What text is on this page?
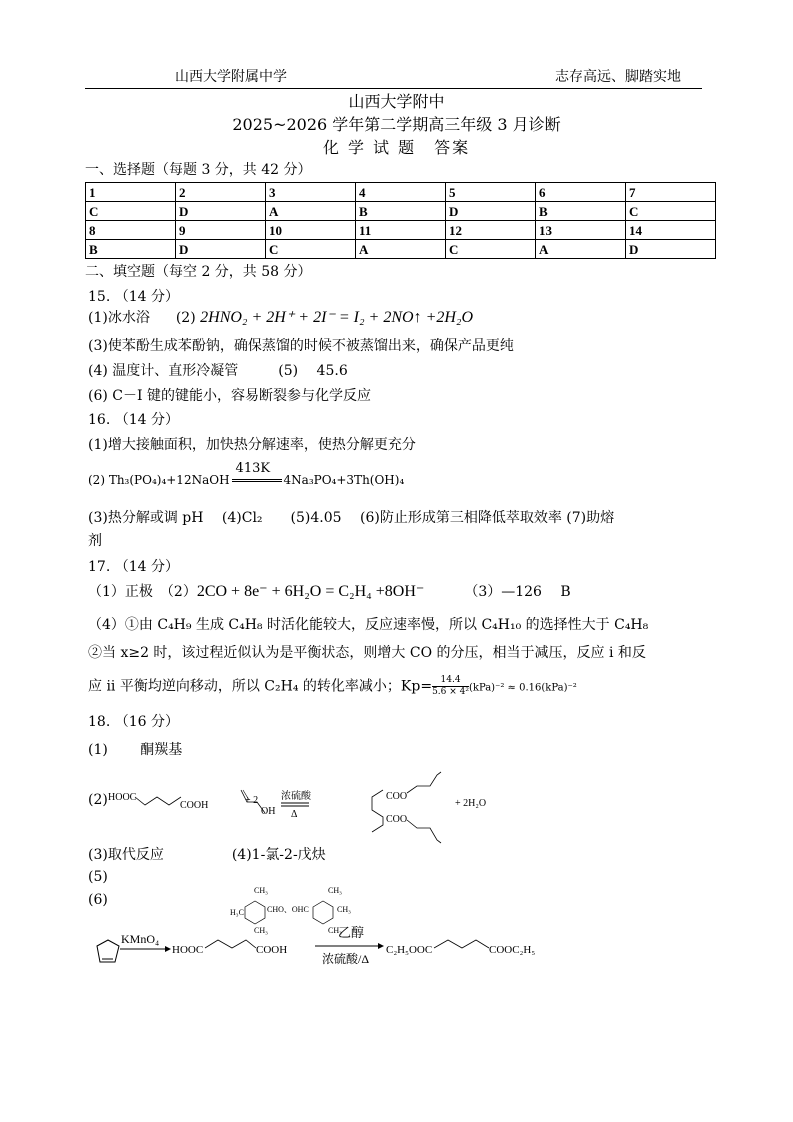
山西大学附属中学	志存高远、脚踏实地
山西大学附中
2025~2026 学年第二学期高三年级 3 月诊断
化 学 试 题　答案
一、选择题（每题 3 分，共 42 分）
1	2	3	4	5	6	7
C	D	A	B	D	B	C
8	9	10	11	12	13	14
B	D	C	A	C	A	D
二、填空题（每空 2 分，共 58 分）
15. （14 分）
(1)冰水浴 (2) 2HNO₂ + 2H⁺ + 2I⁻ = I₂ + 2NO↑ +2H₂O
(3)使苯酚生成苯酚钠，确保蒸馏的时候不被蒸馏出来，确保产品更纯
(4) 温度计、直形冷凝管	(5)　 45.6
(6) C－I 键的键能小，容易断裂参与化学反应
16. （14 分）
(1)增大接触面积，加快热分解速率，使热分解更充分
(2) Th₃(PO₄)₄+12NaOH
413K
4Na₃PO₄+3Th(OH)₄
(3)热分解或调 pH　 (4)Cl₂　　(5)4.05　 (6)防止形成第三相降低萃取效率 (7)助熔
剂
17. （14 分）
（1）正极　（2）2CO + 8e⁻ + 6H₂O = C₂H₄ +8OH⁻	（3）—126　 B
（4）①由 C₄H₉ 生成 C₄H₈ 时活化能较大，反应速率慢，所以 C₄H₁₀ 的选择性大于 C₄H₈
②当 x≥2 时，该过程近似认为是平衡状态，则增大 CO 的分压，相当于减压，反应 i 和反
应 ii 平衡均逆向移动，所以 C₂H₄ 的转化率减小；$Kp= \frac{14.4}{\text{5.6 × 4²}} (kPa)^{-2} \approx 0.16(kPa)^{-2}$
18. （16 分）
(1)　　 酮羰基
(2) HOOC
COOH	+ 2
OH
浓硫酸
Δ
COO
COO
+ 2H₂O
(3)取代反应	(4)1-氯-2-戊炔
(5)
(6)
H₃C	CHO、OHC
CH₃
CH₃
CH₃
CH₃
CH₃
KMnO₄
HOOC	COOH
乙醇
浓硫酸/Δ
C₂H₅OOC	COOC₂H₅
